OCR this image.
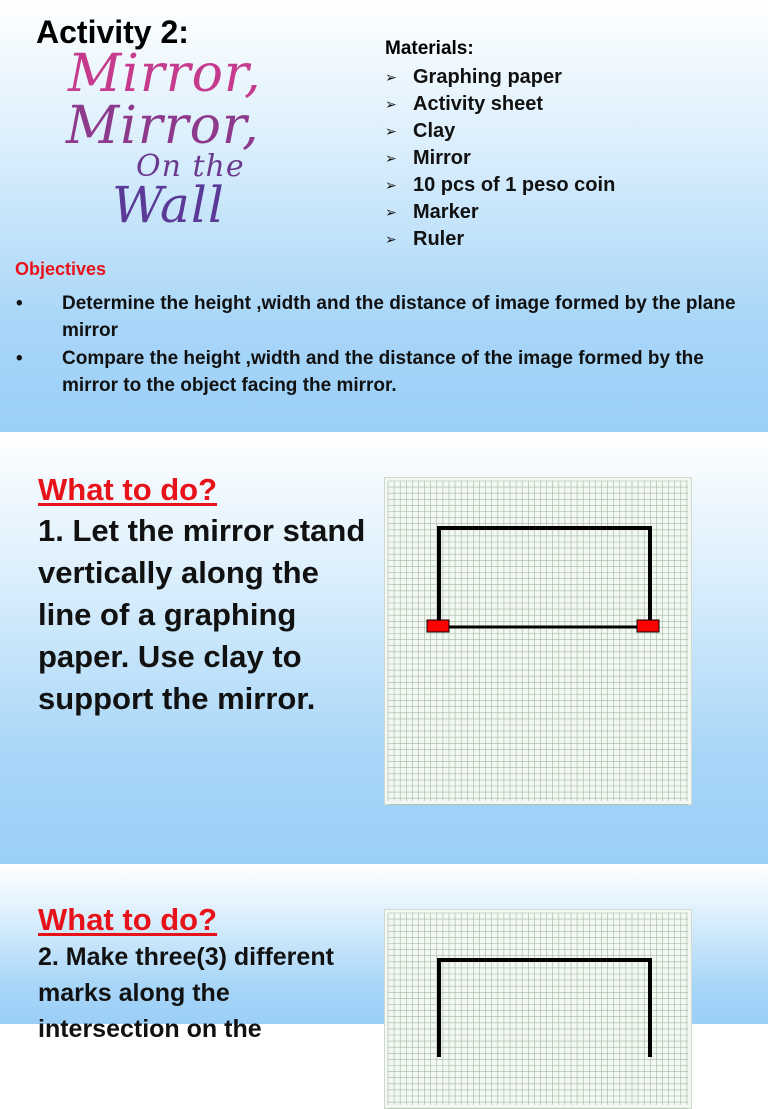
Activity 2:
Mirror,
Mirror,
On the
Wall
Materials:
➢ Graphing paper
➢ Activity sheet
➢ Clay
➢ Mirror
➢ 10 pcs of 1 peso coin
➢ Marker
➢ Ruler
Objectives
•	Determine the height ,width and the distance of image formed by the plane mirror
•	Compare the height ,width and the distance of the image formed by the mirror to the object facing the mirror.
What to do?
1. Let the mirror stand vertically along the line of a graphing paper. Use clay to support the mirror.
What to do?
2. Make three(3) different marks along the intersection on the
